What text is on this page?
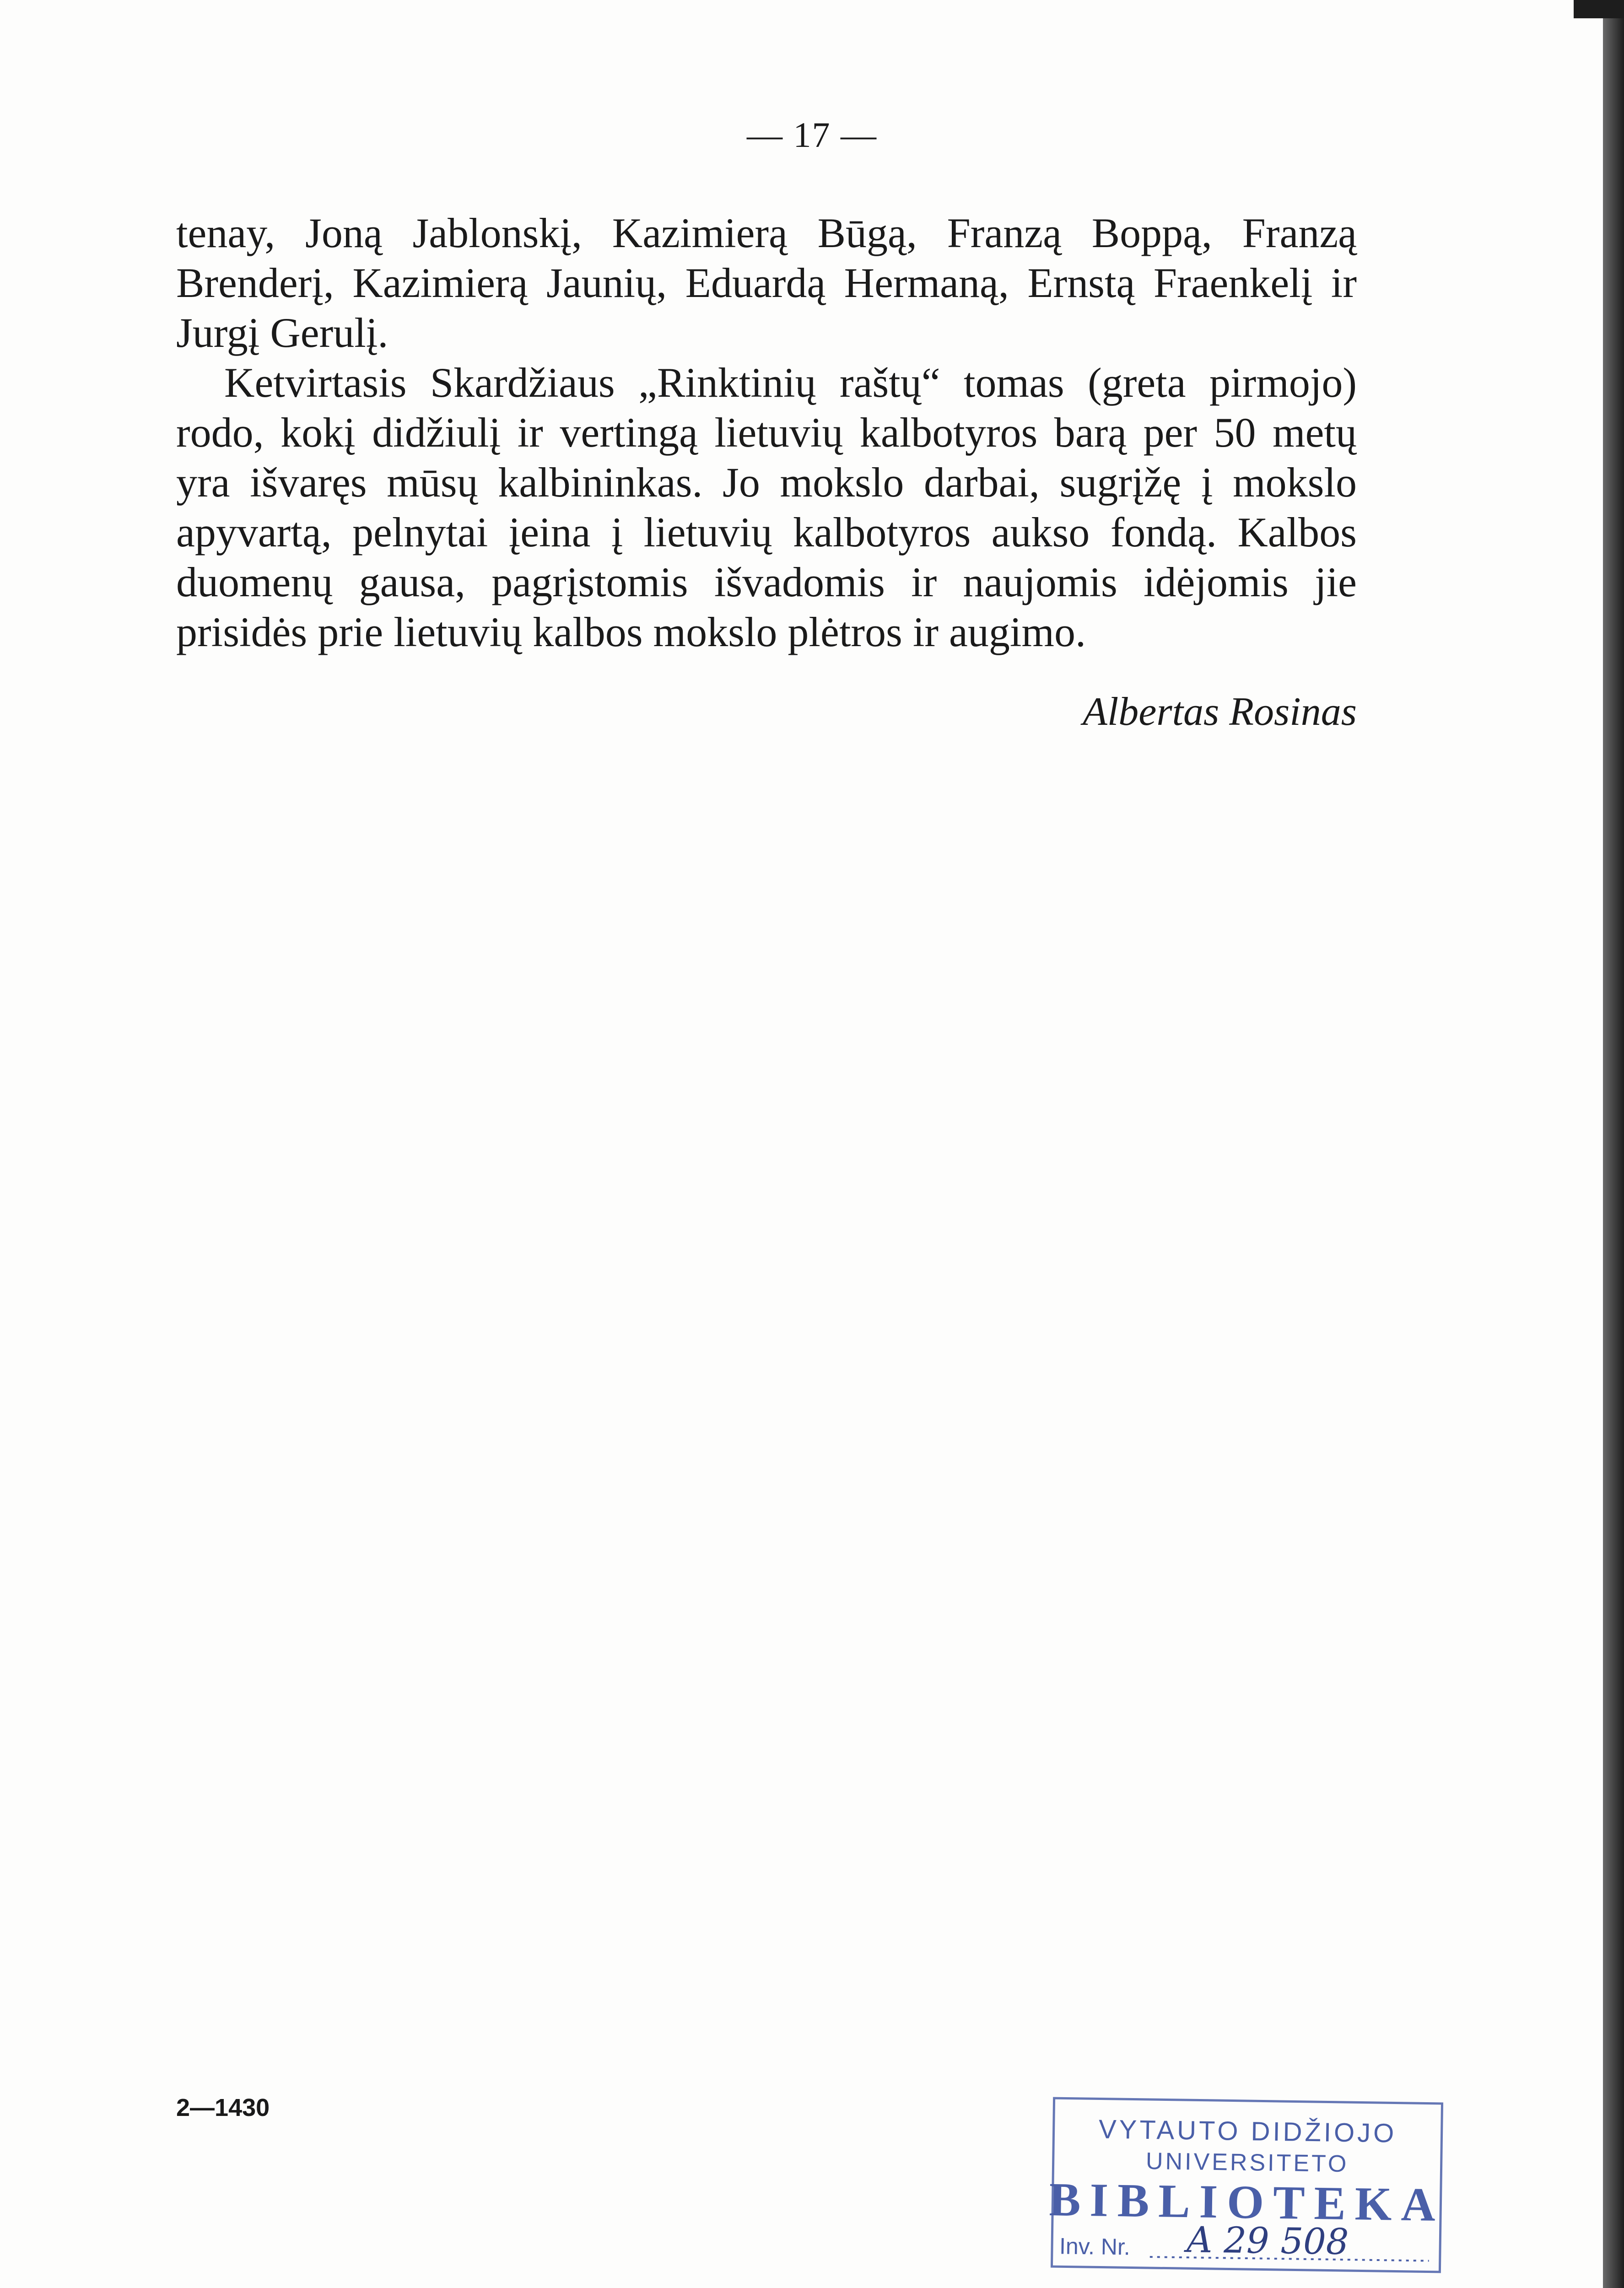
— 17 —

tenay, Joną Jablonskį, Kazimierą Būgą, Franzą Boppą, Franzą Brenderį, Kazimierą Jaunių, Eduardą Hermaną, Ernstą Fraenkelį ir Jurgį Gerulį.

Ketvirtasis Skardžiaus „Rinktinių raštų“ tomas (greta pirmojo) rodo, kokį didžiulį ir vertingą lietuvių kalbotyros barą per 50 metų yra išvaręs mūsų kalbininkas. Jo mokslo darbai, sugrįžę į mokslo apyvartą, pelnytai įeina į lietuvių kalbotyros aukso fondą. Kalbos duomenų gausa, pagrįstomis išvadomis ir naujomis idėjomis jie prisidės prie lietuvių kalbos mokslo plėtros ir augimo.

Albertas Rosinas
2—1430
VYTAUTO DIDŽIOJO
UNIVERSITETO
BIBLIOTEKA
Inv. Nr. A 29 508
